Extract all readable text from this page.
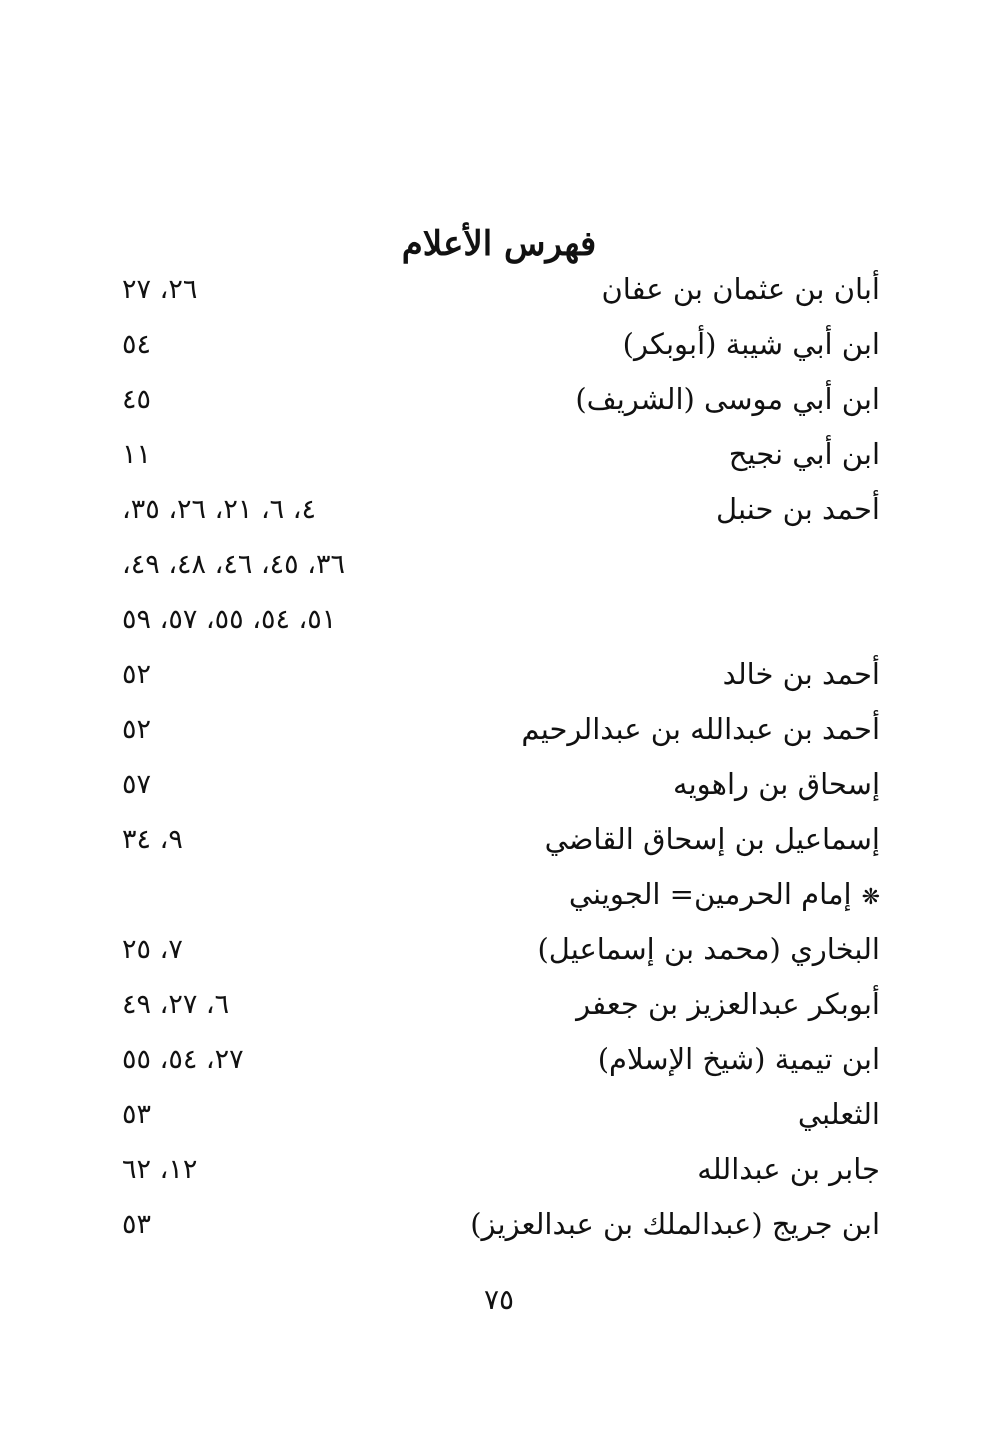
فهرس الأعلام
أبان بن عثمان بن عفان
٢٦، ٢٧
ابن أبي شيبة (أبوبكر)
٥٤
ابن أبي موسى (الشريف)
٤٥
ابن أبي نجيح
١١
أحمد بن حنبل
٤، ٦، ٢١، ٢٦، ٣٥،
٣٦، ٤٥، ٤٦، ٤٨، ٤٩،
٥١، ٥٤، ٥٥، ٥٧، ٥٩
أحمد بن خالد
٥٢
أحمد بن عبدالله بن عبدالرحيم
٥٢
إسحاق بن راهويه
٥٧
إسماعيل بن إسحاق القاضي
٩، ٣٤
❋إمام الحرمين= الجويني
البخاري (محمد بن إسماعيل)
٧، ٢٥
أبوبكر عبدالعزيز بن جعفر
٦، ٢٧، ٤٩
ابن تيمية (شيخ الإسلام)
٢٧، ٥٤، ٥٥
الثعلبي
٥٣
جابر بن عبدالله
١٢، ٦٢
ابن جريج (عبدالملك بن عبدالعزيز)
٥٣
٧٥
